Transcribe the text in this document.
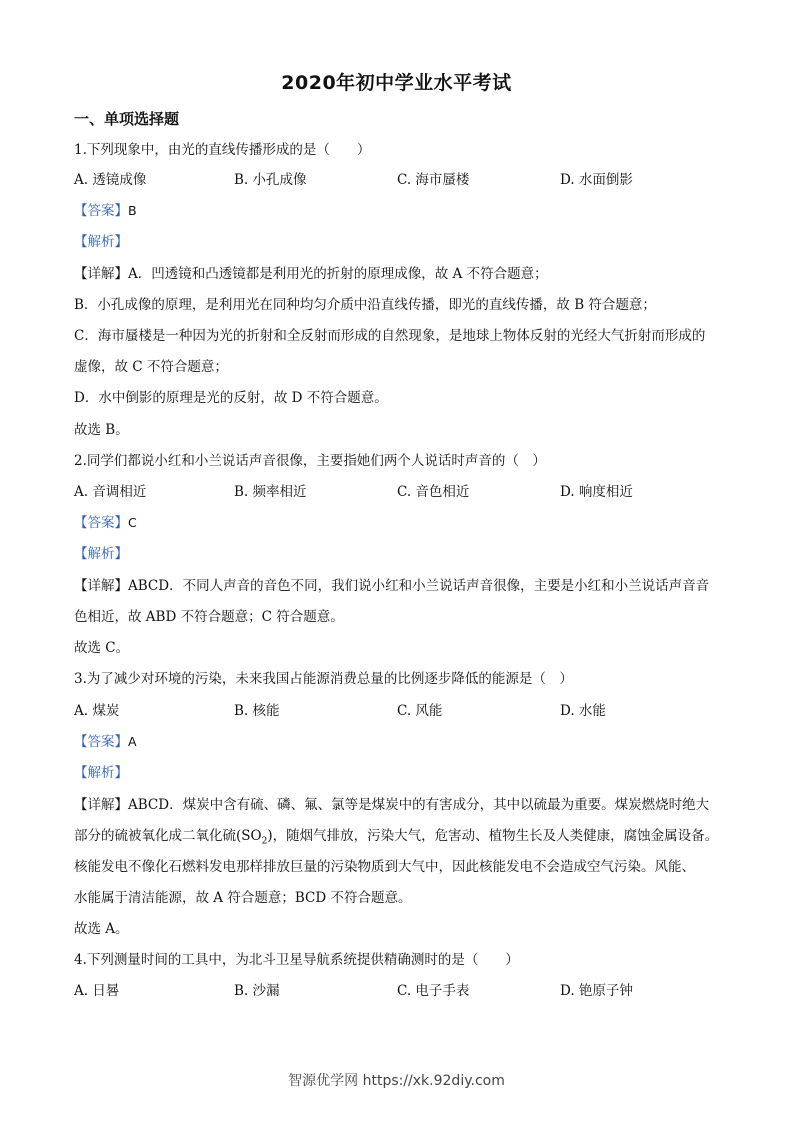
2020年初中学业水平考试
一、单项选择题
1.下列现象中，由光的直线传播形成的是（　　）
A. 透镜成像	B. 小孔成像	C. 海市蜃楼	D. 水面倒影
【答案】B
【解析】
【详解】A．凹透镜和凸透镜都是利用光的折射的原理成像，故 A 不符合题意；
B．小孔成像的原理，是利用光在同种均匀介质中沿直线传播，即光的直线传播，故 B 符合题意；
C．海市蜃楼是一种因为光的折射和全反射而形成的自然现象，是地球上物体反射的光经大气折射而形成的
虚像，故 C 不符合题意；
D．水中倒影的原理是光的反射，故 D 不符合题意。
故选 B。
2.同学们都说小红和小兰说话声音很像，主要指她们两个人说话时声音的（　）
A. 音调相近	B. 频率相近	C. 音色相近	D. 响度相近
【答案】C
【解析】
【详解】ABCD．不同人声音的音色不同，我们说小红和小兰说话声音很像，主要是小红和小兰说话声音音
色相近，故 ABD 不符合题意；C 符合题意。
故选 C。
3.为了减少对环境的污染，未来我国占能源消费总量的比例逐步降低的能源是（　）
A. 煤炭	B. 核能	C. 风能	D. 水能
【答案】A
【解析】
【详解】ABCD．煤炭中含有硫、磷、氟、氯等是煤炭中的有害成分，其中以硫最为重要。煤炭燃烧时绝大
部分的硫被氧化成二氧化硫$(SO_2)$，随烟气排放，污染大气，危害动、植物生长及人类健康，腐蚀金属设备。
核能发电不像化石燃料发电那样排放巨量的污染物质到大气中，因此核能发电不会造成空气污染。风能、
水能属于清洁能源，故 A 符合题意；BCD 不符合题意。
故选 A。
4.下列测量时间的工具中，为北斗卫星导航系统提供精确测时的是（　　）
A. 日晷	B. 沙漏	C. 电子手表	D. 铯原子钟
智源优学网 https://xk.92diy.com
